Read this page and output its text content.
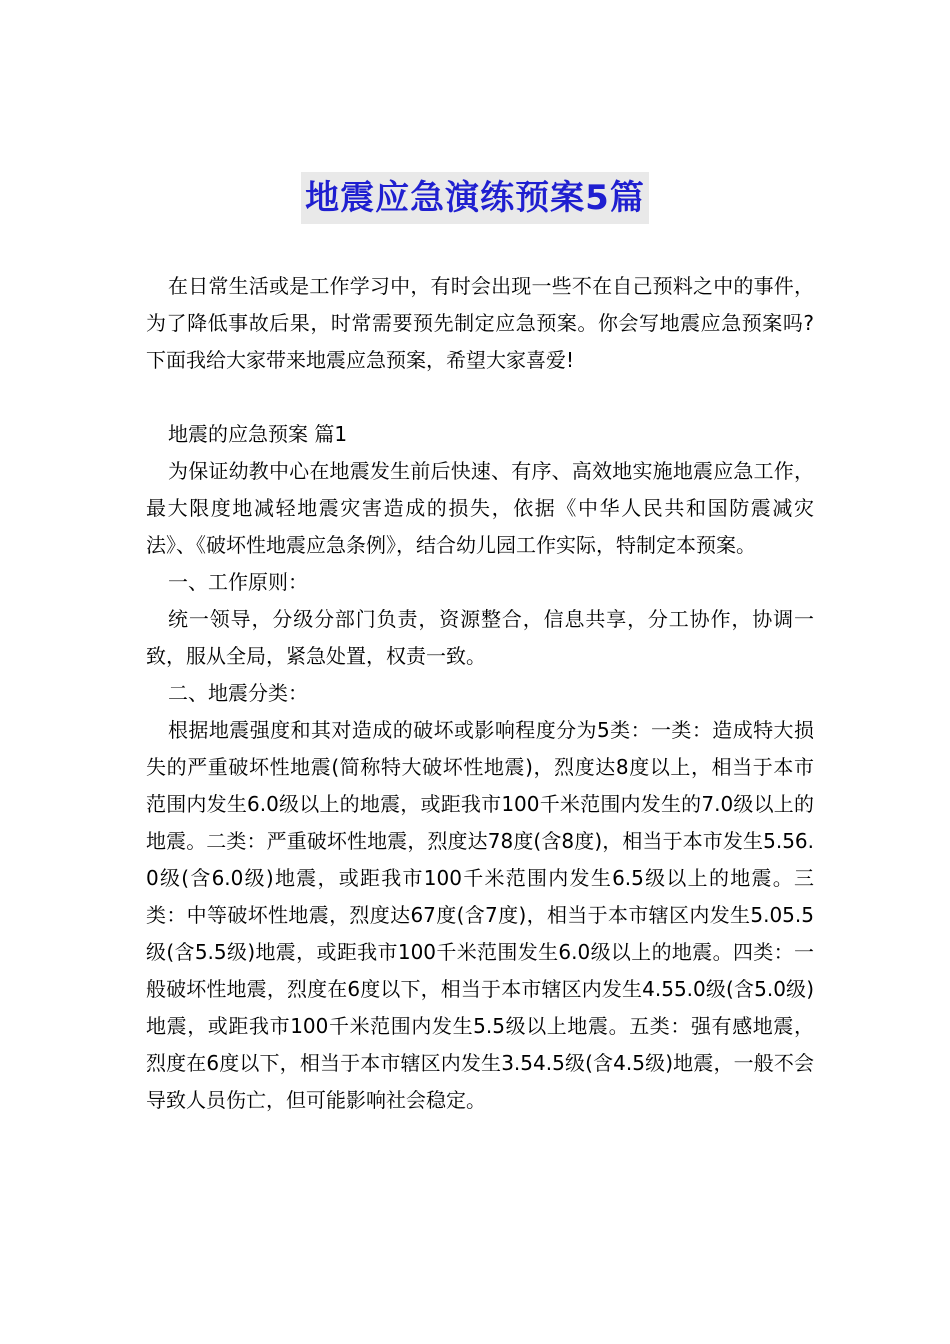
地震应急演练预案5篇

在日常生活或是工作学习中，有时会出现一些不在自己预料之中的事件，为了降低事故后果，时常需要预先制定应急预案。你会写地震应急预案吗?下面我给大家带来地震应急预案，希望大家喜爱!

地震的应急预案 篇1

为保证幼教中心在地震发生前后快速、有序、高效地实施地震应急工作，最大限度地减轻地震灾害造成的损失，依据《中华人民共和国防震减灾法》、《破坏性地震应急条例》，结合幼儿园工作实际，特制定本预案。

一、工作原则：

统一领导，分级分部门负责，资源整合，信息共享，分工协作，协调一致，服从全局，紧急处置，权责一致。

二、地震分类：

根据地震强度和其对造成的破坏或影响程度分为5类：一类：造成特大损失的严重破坏性地震(简称特大破坏性地震)，烈度达8度以上，相当于本市范围内发生6.0级以上的地震，或距我市100千米范围内发生的7.0级以上的地震。二类：严重破坏性地震，烈度达78度(含8度)，相当于本市发生5.56.0级(含6.0级)地震，或距我市100千米范围内发生6.5级以上的地震。三类：中等破坏性地震，烈度达67度(含7度)，相当于本市辖区内发生5.05.5级(含5.5级)地震，或距我市100千米范围发生6.0级以上的地震。四类：一般破坏性地震，烈度在6度以下，相当于本市辖区内发生4.55.0级(含5.0级)地震，或距我市100千米范围内发生5.5级以上地震。五类：强有感地震，烈度在6度以下，相当于本市辖区内发生3.54.5级(含4.5级)地震，一般不会导致人员伤亡，但可能影响社会稳定。
